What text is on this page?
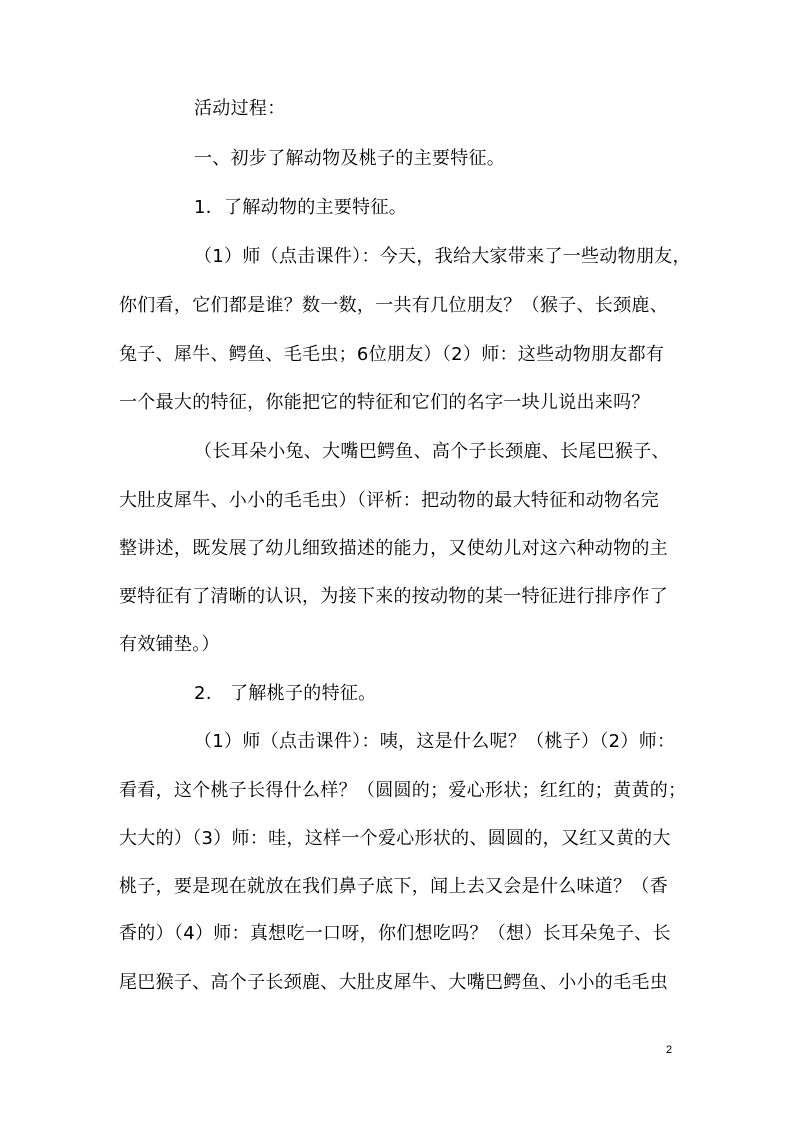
活动过程：
一、初步了解动物及桃子的主要特征。
1．了解动物的主要特征。
（1）师（点击课件）：今天，我给大家带来了一些动物朋友，
你们看，它们都是谁？数一数，一共有几位朋友？（猴子、长颈鹿、
兔子、犀牛、鳄鱼、毛毛虫；6位朋友）（2）师：这些动物朋友都有
一个最大的特征，你能把它的特征和它们的名字一块儿说出来吗？
（长耳朵小兔、大嘴巴鳄鱼、高个子长颈鹿、长尾巴猴子、
大肚皮犀牛、小小的毛毛虫）（评析：把动物的最大特征和动物名完
整讲述，既发展了幼儿细致描述的能力，又使幼儿对这六种动物的主
要特征有了清晰的认识，为接下来的按动物的某一特征进行排序作了
有效铺垫。）
2.　了解桃子的特征。
（1）师（点击课件）：咦，这是什么呢？（桃子）（2）师：
看看，这个桃子长得什么样？（圆圆的；爱心形状；红红的；黄黄的；
大大的）（3）师：哇，这样一个爱心形状的、圆圆的，又红又黄的大
桃子，要是现在就放在我们鼻子底下，闻上去又会是什么味道？（香
香的）（4）师：真想吃一口呀，你们想吃吗？（想）长耳朵兔子、长
尾巴猴子、高个子长颈鹿、大肚皮犀牛、大嘴巴鳄鱼、小小的毛毛虫
2
